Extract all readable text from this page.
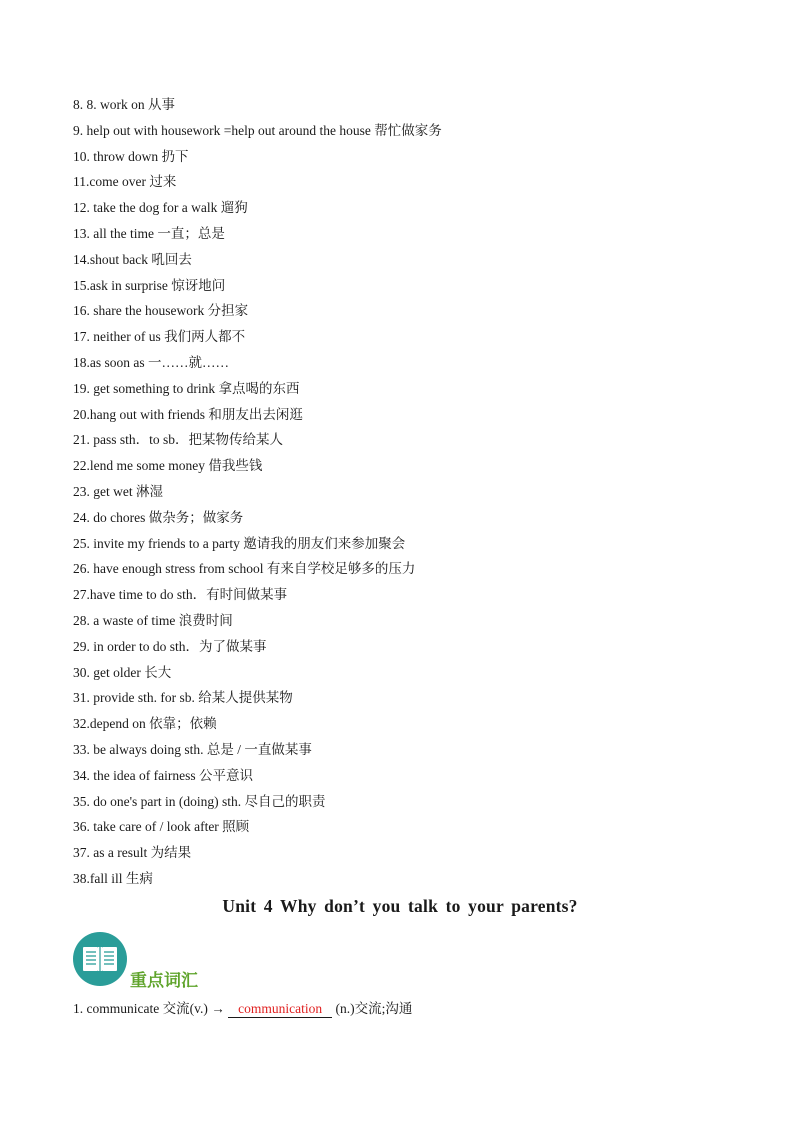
8. 8. work on 从事
9. help out with housework =help out around the house 帮忙做家务
10. throw down 扔下
11.come over 过来
12. take the dog for a walk 遛狗
13. all the time 一直；总是
14.shout back 吼回去
15.ask in surprise 惊讶地问
16. share the housework 分担家
17. neither of us 我们两人都不
18.as soon as 一……就……
19. get something to drink 拿点喝的东西
20.hang out with friends 和朋友出去闲逛
21. pass sth．to sb．把某物传给某人
22.lend me some money 借我些钱
23. get wet 淋湿
24. do chores 做杂务；做家务
25. invite my friends to a party 邀请我的朋友们来参加聚会
26. have enough stress from school 有来自学校足够多的压力
27.have time to do sth．有时间做某事
28. a waste of time 浪费时间
29. in order to do sth．为了做某事
30. get older 长大
31. provide sth. for sb. 给某人提供某物
32.depend on 依靠；依赖
33. be always doing sth. 总是 / 一直做某事
34. the idea of fairness 公平意识
35. do one's part in (doing) sth. 尽自己的职责
36. take care of / look after 照顾
37. as a result 为结果
38.fall ill 生病
Unit 4 Why don’t you talk to your parents?
重点词汇
1. communicate 交流(v.) → communication (n.)交流;沟通
